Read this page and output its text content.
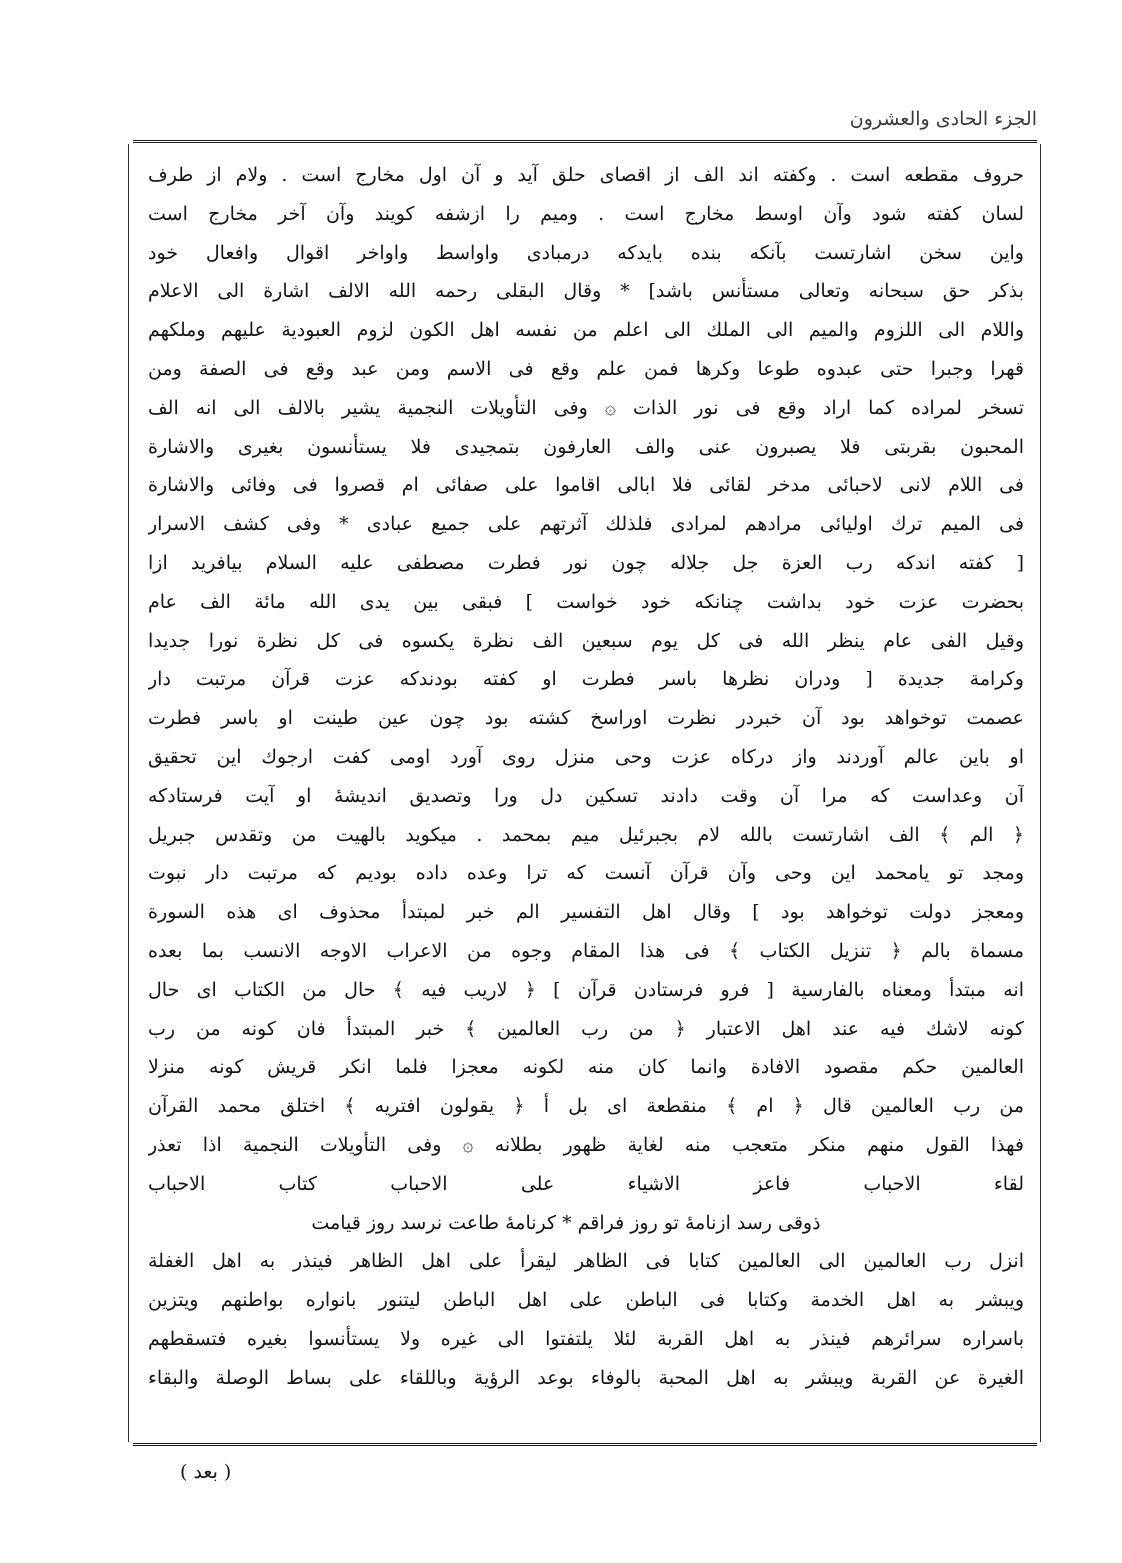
الجزء الحادى والعشرون
حروف مقطعه است . وكفته اند الف از اقصاى حلق آيد و آن اول مخارج است . ولام از طرف
لسان كفته شود وآن اوسط مخارج است . وميم را ازشفه كويند وآن آخر مخارج است
واين سخن اشارتست بآنكه بنده بايدكه درمبادى واواسط واواخر اقوال وافعال خود
بذكر حق سبحانه وتعالى مستأنس باشد] * وقال البقلى رحمه الله الالف اشارة الى الاعلام
واللام الى اللزوم والميم الى الملك الى اعلم من نفسه اهل الكون لزوم العبودية عليهم وملكهم
قهرا وجبرا حتى عبدوه طوعا وكرها فمن علم وقع فى الاسم ومن عبد وقع فى الصفة ومن
تسخر لمراده كما اراد وقع فى نور الذات ۞ وفى التأويلات النجمية يشير بالالف الى انه الف
المحبون بقربتى فلا يصبرون عنى والف العارفون بتمجيدى فلا يستأنسون بغيرى والاشارة
فى اللام لانى لاحبائى مدخر لقائى فلا ابالى اقاموا على صفائى ام قصروا فى وفائى والاشارة
فى الميم ترك اوليائى مرادهم لمرادى فلذلك آثرتهم على جميع عبادى * وفى كشف الاسرار
[ كفته اندكه رب العزة جل جلاله چون نور فطرت مصطفى عليه السلام بيافريد ازا
بحضرت عزت خود بداشت چنانكه خود خواست ] فبقى بين يدى الله مائة الف عام
وقيل الفى عام ينظر الله فى كل يوم سبعين الف نظرة يكسوه فى كل نظرة نورا جديدا
وكرامة جديدة [ ودران نظرها باسر فطرت او كفته بودندكه عزت قرآن مرتبت دار
عصمت توخواهد بود آن خبردر نظرت اوراسخ كشته بود چون عين طينت او باسر فطرت
او باين عالم آوردند واز دركاه عزت وحى منزل روى آورد اومى كفت ارجوك اين تحقيق
آن وعداست كه مرا آن وقت دادند تسكين دل ورا وتصديق انديشهٔ او آيت فرستادكه
﴿ الم ﴾ الف اشارتست بالله لام بجبرئيل ميم بمحمد . ميكويد بالهيت من وتقدس جبريل
ومجد تو يامحمد اين وحى وآن قرآن آنست كه ترا وعده داده بوديم كه مرتبت دار نبوت
ومعجز دولت توخواهد بود ] وقال اهل التفسير الم خبر لمبتدأ محذوف اى هذه السورة
مسماة بالم ﴿ تنزيل الكتاب ﴾ فى هذا المقام وجوه من الاعراب الاوجه الانسب بما بعده
انه مبتدأ ومعناه بالفارسية [ فرو فرستادن قرآن ] ﴿ لاريب فيه ﴾ حال من الكتاب اى حال
كونه لاشك فيه عند اهل الاعتبار ﴿ من رب العالمين ﴾ خبر المبتدأ فان كونه من رب
العالمين حكم مقصود الافادة وانما كان منه لكونه معجزا فلما انكر قريش كونه منزلا
من رب العالمين قال ﴿ ام ﴾ منقطعة اى بل أ ﴿ يقولون افتريه ﴾ اختلق محمد القرآن
فهذا القول منهم منكر متعجب منه لغاية ظهور بطلانه ۞ وفى التأويلات النجمية اذا تعذر
لقاء الاحباب فاعز الاشياء على الاحباب كتاب الاحباب
ذوقى رسد ازنامهٔ تو روز فراقم * كرنامهٔ طاعت نرسد روز قيامت
انزل رب العالمين الى العالمين كتابا فى الظاهر ليقرأ على اهل الظاهر فينذر به اهل الغفلة
ويبشر به اهل الخدمة وكتابا فى الباطن على اهل الباطن ليتنور بانواره بواطنهم ويتزين
باسراره سرائرهم فينذر به اهل القربة لئلا يلتفتوا الى غيره ولا يستأنسوا بغيره فتسقطهم
الغيرة عن القربة ويبشر به اهل المحبة بالوفاء بوعد الرؤية وباللقاء على بساط الوصلة والبقاء
( بعد )
